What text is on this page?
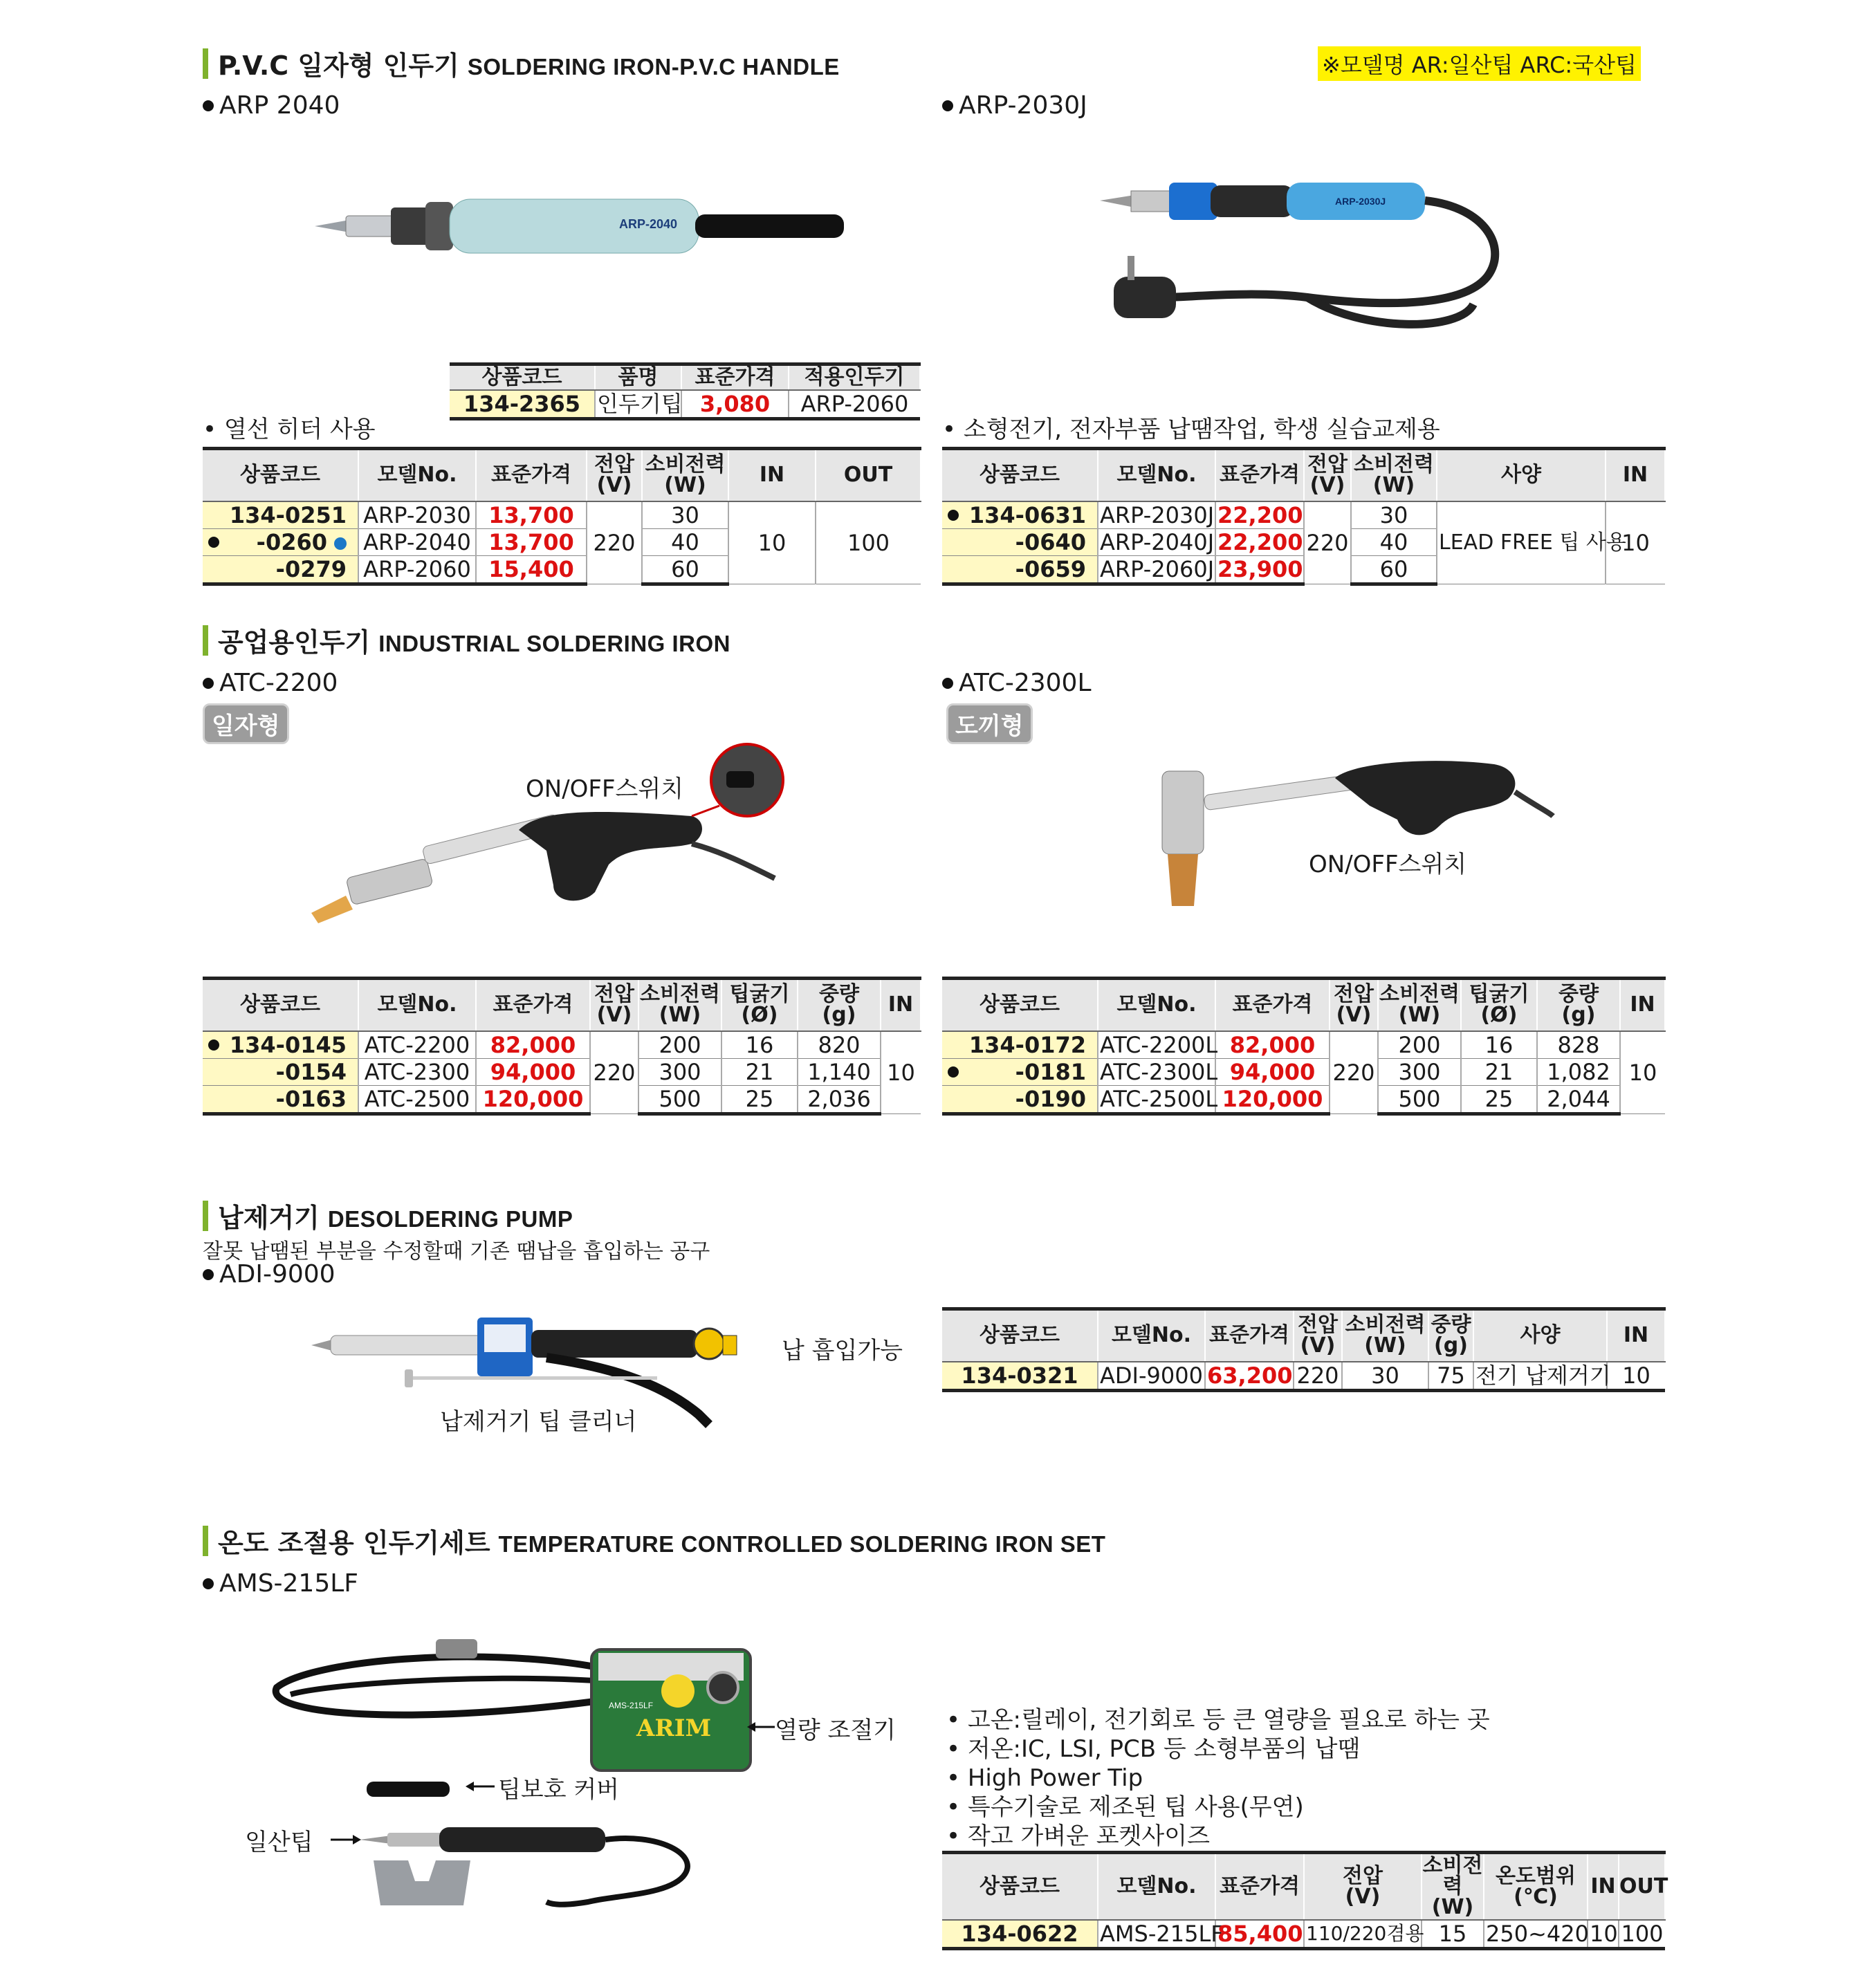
※모델명 AR:일산팁 ARC:국산팁
P.V.C 일자형 인두기 SOLDERING IRON-P.V.C HANDLE
ARP 2040	ARP-2030J
ARP-2040
ARP-2030J
상품코드	품명	표준가격	적용인두기
134-2365	인두기팁	3,080	ARP-2060
• 열선 히터 사용	• 소형전기, 전자부품 납땜작업, 학생 실습교제용
상품코드	모델No.	표준가격	전압
(V)	소비전력
(W)	IN	OUT
134-0251	ARP-2030	13,700	220	30	10	100

-0260	ARP-2040	13,700		40		
-0279	ARP-2060	15,400		60		
상품코드	모델No.	표준가격	전압
(V)	소비전력
(W)	사양	IN

134-0631	ARP-2030J	22,200	220	30	LEAD FREE 팁 사용	10
-0640	ARP-2040J	22,200		40		
-0659	ARP-2060J	23,900		60		
공업용인두기 INDUSTRIAL SOLDERING IRON
ATC-2200	ATC-2300L
일자형	도끼형
ON/OFF스위치
ON/OFF스위치
상품코드	모델No.	표준가격	전압
(V)	소비전력
(W)	팁굵기
(Ø)	중량
(g)	IN

134-0145	ATC-2200	82,000	220	200	16	820	10
-0154	ATC-2300	94,000		300	21	1,140	
-0163	ATC-2500	120,000		500	25	2,036	
상품코드	모델No.	표준가격	전압
(V)	소비전력
(W)	팁굵기
(Ø)	중량
(g)	IN
134-0172	ATC-2200L	82,000	220	200	16	828	10

-0181	ATC-2300L	94,000		300	21	1,082	
-0190	ATC-2500L	120,000		500	25	2,044	
납제거기 DESOLDERING PUMP
잘못 납땜된 부분을 수정할때 기존 땜납을 흡입하는 공구
ADI-9000
납 흡입가능
납제거기 팁 클리너
상품코드	모델No.	표준가격	전압
(V)	소비전력
(W)	중량
(g)	사양	IN
134-0321	ADI-9000	63,200	220	30	75	전기 납제거기	10
온도 조절용 인두기세트 TEMPERATURE CONTROLLED SOLDERING IRON SET
AMS-215LF
ARIM
AMS-215LF
열량 조절기
팁보호 커버
일산팁
• 고온:릴레이, 전기회로 등 큰 열량을 필요로 하는 곳
• 저온:IC, LSI, PCB 등 소형부품의 납땜
• High Power Tip
• 특수기술로 제조된 팁 사용(무연)
• 작고 가벼운 포켓사이즈
상품코드	모델No.	표준가격	전압
(V)	소비전력
(W)	온도범위
(℃)	IN	OUT
134-0622	AMS-215LF	85,400	110/220겸용	15	250~420	10	100
